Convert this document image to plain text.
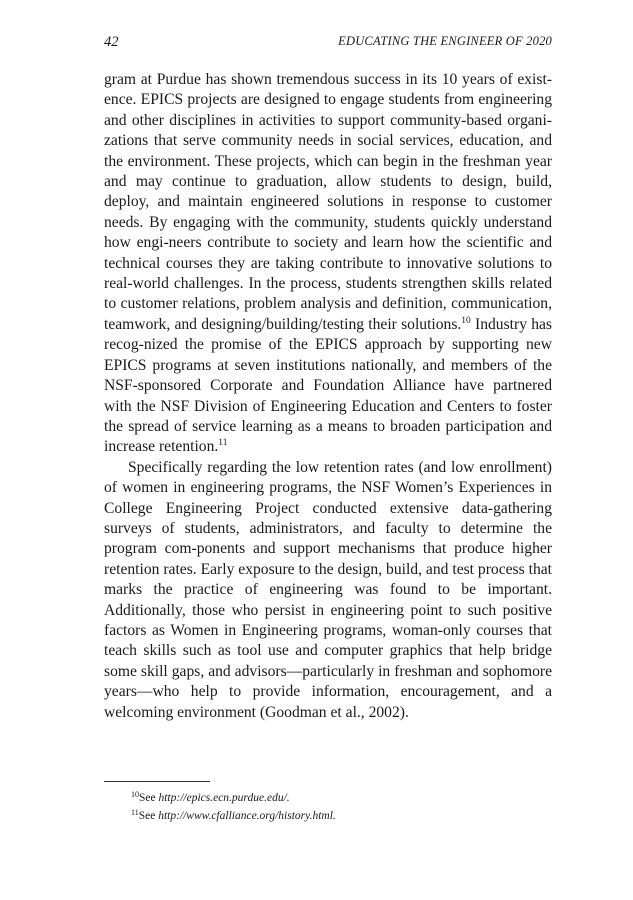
42	EDUCATING THE ENGINEER OF 2020

gram at Purdue has shown tremendous success in its 10 years of exist-ence. EPICS projects are designed to engage students from engineering and other disciplines in activities to support community-based organi-zations that serve community needs in social services, education, and the environment. These projects, which can begin in the freshman year and may continue to graduation, allow students to design, build, deploy, and maintain engineered solutions in response to customer needs. By engaging with the community, students quickly understand how engi-neers contribute to society and learn how the scientific and technical courses they are taking contribute to innovative solutions to real-world challenges. In the process, students strengthen skills related to customer relations, problem analysis and definition, communication, teamwork, and designing/building/testing their solutions.$^{10}$ Industry has recog-nized the promise of the EPICS approach by supporting new EPICS programs at seven institutions nationally, and members of the NSF-sponsored Corporate and Foundation Alliance have partnered with the NSF Division of Engineering Education and Centers to foster the spread of service learning as a means to broaden participation and increase retention.$^{11}$

Specifically regarding the low retention rates (and low enrollment) of women in engineering programs, the NSF Women’s Experiences in College Engineering Project conducted extensive data-gathering surveys of students, administrators, and faculty to determine the program com-ponents and support mechanisms that produce higher retention rates. Early exposure to the design, build, and test process that marks the practice of engineering was found to be important. Additionally, those who persist in engineering point to such positive factors as Women in Engineering programs, woman-only courses that teach skills such as tool use and computer graphics that help bridge some skill gaps, and advisors—particularly in freshman and sophomore years—who help to provide information, encouragement, and a welcoming environment (Goodman et al., 2002).

$^{10}$See http://epics.ecn.purdue.edu/.

$^{11}$See http://www.cfalliance.org/history.html.
